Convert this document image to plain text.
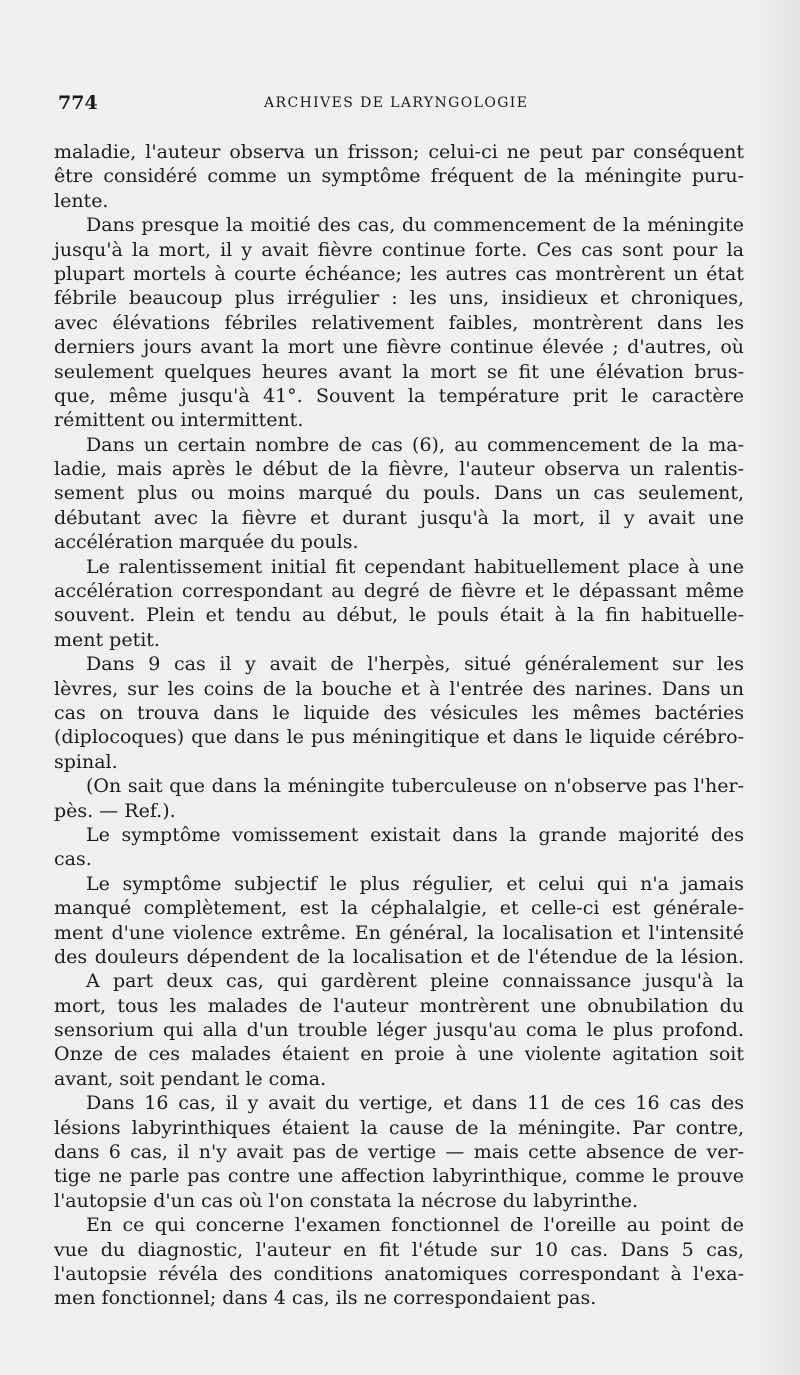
774	ARCHIVES DE LARYNGOLOGIE
maladie, l'auteur observa un frisson; celui-ci ne peut par conséquent
être considéré comme un symptôme fréquent de la méningite puru-
lente.
Dans presque la moitié des cas, du commencement de la méningite
jusqu'à la mort, il y avait fièvre continue forte. Ces cas sont pour la
plupart mortels à courte échéance; les autres cas montrèrent un état
fébrile beaucoup plus irrégulier : les uns, insidieux et chroniques,
avec élévations fébriles relativement faibles, montrèrent dans les
derniers jours avant la mort une fièvre continue élevée ; d'autres, où
seulement quelques heures avant la mort se fit une élévation brus-
que, même jusqu'à 41°. Souvent la température prit le caractère
rémittent ou intermittent.
Dans un certain nombre de cas (6), au commencement de la ma-
ladie, mais après le début de la fièvre, l'auteur observa un ralentis-
sement plus ou moins marqué du pouls. Dans un cas seulement,
débutant avec la fièvre et durant jusqu'à la mort, il y avait une
accélération marquée du pouls.
Le ralentissement initial fit cependant habituellement place à une
accélération correspondant au degré de fièvre et le dépassant même
souvent. Plein et tendu au début, le pouls était à la fin habituelle-
ment petit.
Dans 9 cas il y avait de l'herpès, situé généralement sur les
lèvres, sur les coins de la bouche et à l'entrée des narines. Dans un
cas on trouva dans le liquide des vésicules les mêmes bactéries
(diplocoques) que dans le pus méningitique et dans le liquide cérébro-
spinal.
(On sait que dans la méningite tuberculeuse on n'observe pas l'her-
pès. — Ref.).
Le symptôme vomissement existait dans la grande majorité des
cas.
Le symptôme subjectif le plus régulier, et celui qui n'a jamais
manqué complètement, est la céphalalgie, et celle-ci est générale-
ment d'une violence extrême. En général, la localisation et l'intensité
des douleurs dépendent de la localisation et de l'étendue de la lésion.
A part deux cas, qui gardèrent pleine connaissance jusqu'à la
mort, tous les malades de l'auteur montrèrent une obnubilation du
sensorium qui alla d'un trouble léger jusqu'au coma le plus profond.
Onze de ces malades étaient en proie à une violente agitation soit
avant, soit pendant le coma.
Dans 16 cas, il y avait du vertige, et dans 11 de ces 16 cas des
lésions labyrinthiques étaient la cause de la méningite. Par contre,
dans 6 cas, il n'y avait pas de vertige — mais cette absence de ver-
tige ne parle pas contre une affection labyrinthique, comme le prouve
l'autopsie d'un cas où l'on constata la nécrose du labyrinthe.
En ce qui concerne l'examen fonctionnel de l'oreille au point de
vue du diagnostic, l'auteur en fit l'étude sur 10 cas. Dans 5 cas,
l'autopsie révéla des conditions anatomiques correspondant à l'exa-
men fonctionnel; dans 4 cas, ils ne correspondaient pas.
